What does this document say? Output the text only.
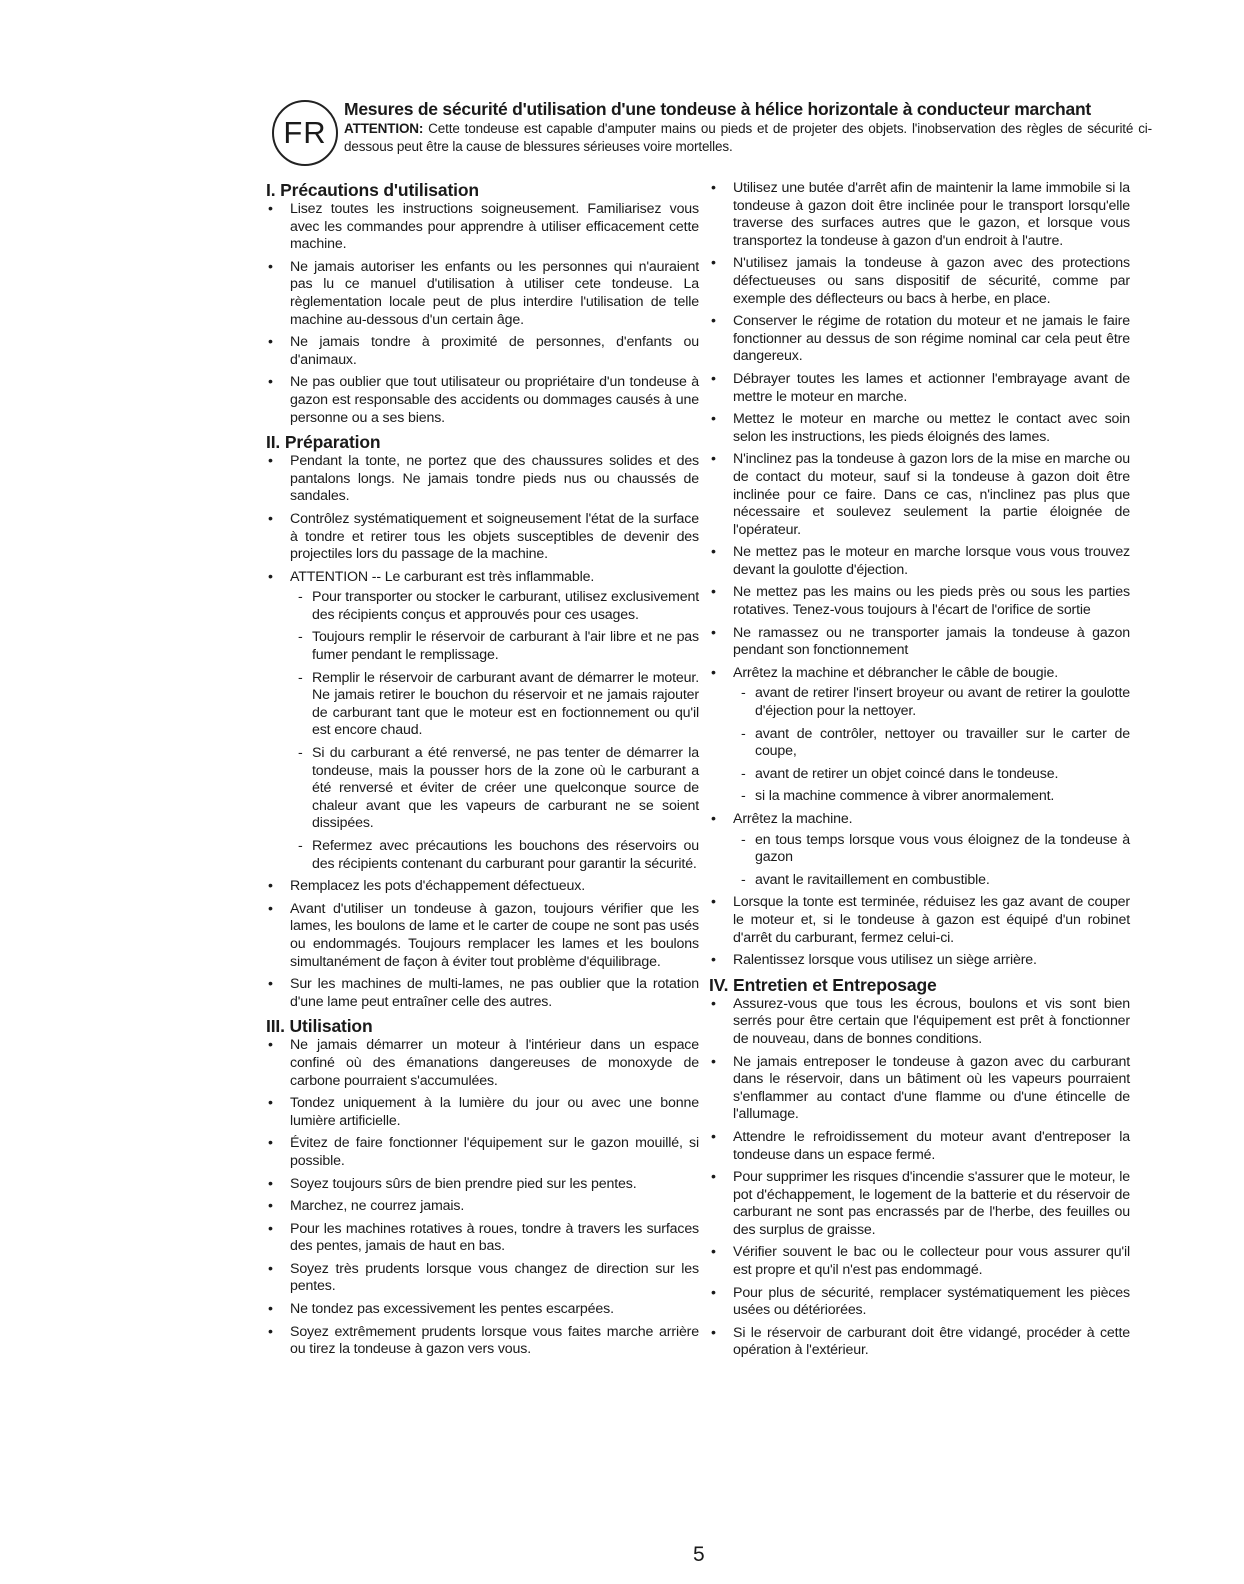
FR
Mesures de sécurité d'utilisation d'une tondeuse à hélice horizontale à conducteur marchant
ATTENTION: Cette tondeuse est capable d'amputer mains ou pieds et de projeter des objets. l'inobservation des règles de sécurité ci-dessous peut être la cause de blessures sérieuses voire mortelles.
I. Précautions d'utilisation
• Lisez toutes les instructions soigneusement. Familiarisez vous avec les commandes pour apprendre à utiliser efficacement cette machine.
• Ne jamais autoriser les enfants ou les personnes qui n'auraient pas lu ce manuel d'utilisation à utiliser cete tondeuse. La règlementation locale peut de plus interdire l'utilisation de telle machine au-dessous d'un certain âge.
• Ne jamais tondre à proximité de personnes, d'enfants ou d'animaux.
• Ne pas oublier que tout utilisateur ou propriétaire d'un tondeuse à gazon est responsable des accidents ou dommages causés à une personne ou a ses biens.
II. Préparation
• Pendant la tonte, ne portez que des chaussures solides et des pantalons longs. Ne jamais tondre pieds nus ou chaussés de sandales.
• Contrôlez systématiquement et soigneusement l'état de la surface à tondre et retirer tous les objets susceptibles de devenir des projectiles lors du passage de la machine.
• ATTENTION -- Le carburant est très inflammable.
- Pour transporter ou stocker le carburant, utilisez exclusivement des récipients conçus et approuvés pour ces usages.
- Toujours remplir le réservoir de carburant à l'air libre et ne pas fumer pendant le remplissage.
- Remplir le réservoir de carburant avant de démarrer le moteur. Ne jamais retirer le bouchon du réservoir et ne jamais rajouter de carburant tant que le moteur est en foctionnement ou qu'il est encore chaud.
- Si du carburant a été renversé, ne pas tenter de démarrer la tondeuse, mais la pousser hors de la zone où le carburant a été renversé et éviter de créer une quelconque source de chaleur avant que les vapeurs de carburant ne se soient dissipées.
- Refermez avec précautions les bouchons des réservoirs ou des récipients contenant du carburant pour garantir la sécurité.
• Remplacez les pots d'échappement défectueux.
• Avant d'utiliser un tondeuse à gazon, toujours vérifier que les lames, les boulons de lame et le carter de coupe ne sont pas usés ou endommagés. Toujours remplacer les lames et les boulons simultanément de façon à éviter tout problème d'équilibrage.
• Sur les machines de multi-lames, ne pas oublier que la rotation d'une lame peut entraîner celle des autres.
III. Utilisation
• Ne jamais démarrer un moteur à l'intérieur dans un espace confiné où des émanations dangereuses de monoxyde de carbone pourraient s'accumulées.
• Tondez uniquement à la lumière du jour ou avec une bonne lumière artificielle.
• Évitez de faire fonctionner l'équipement sur le gazon mouillé, si possible.
• Soyez toujours sûrs de bien prendre pied sur les pentes.
• Marchez, ne courrez jamais.
• Pour les machines rotatives à roues, tondre à travers les surfaces des pentes, jamais de haut en bas.
• Soyez très prudents lorsque vous changez de direction sur les pentes.
• Ne tondez pas excessivement les pentes escarpées.
• Soyez extrêmement prudents lorsque vous faites marche arrière ou tirez la tondeuse à gazon vers vous.
• Utilisez une butée d'arrêt afin de maintenir la lame immobile si la tondeuse à gazon doit être inclinée pour le transport lorsqu'elle traverse des surfaces autres que le gazon, et lorsque vous transportez la tondeuse à gazon d'un endroit à l'autre.
• N'utilisez jamais la tondeuse à gazon avec des protections défectueuses ou sans dispositif de sécurité, comme par exemple des déflecteurs ou bacs à herbe, en place.
• Conserver le régime de rotation du moteur et ne jamais le faire fonctionner au dessus de son régime nominal car cela peut être dangereux.
• Débrayer toutes les lames et actionner l'embrayage avant de mettre le moteur en marche.
• Mettez le moteur en marche ou mettez le contact avec soin selon les instructions, les pieds éloignés des lames.
• N'inclinez pas la tondeuse à gazon lors de la mise en marche ou de contact du moteur, sauf si la tondeuse à gazon doit être inclinée pour ce faire. Dans ce cas, n'inclinez pas plus que nécessaire et soulevez seulement la partie éloignée de l'opérateur.
• Ne mettez pas le moteur en marche lorsque vous vous trouvez devant la goulotte d'éjection.
• Ne mettez pas les mains ou les pieds près ou sous les parties rotatives. Tenez-vous toujours à l'écart de l'orifice de sortie
• Ne ramassez ou ne transporter jamais la tondeuse à gazon pendant son fonctionnement
• Arrêtez la machine et débrancher le câble de bougie.
- avant de retirer l'insert broyeur ou avant de retirer la goulotte d'éjection pour la nettoyer.
- avant de contrôler, nettoyer ou travailler sur le carter de coupe,
- avant de retirer un objet coincé dans le tondeuse.
- si la machine commence à vibrer anormalement.
• Arrêtez la machine.
- en tous temps lorsque vous vous éloignez de la tondeuse à gazon
- avant le ravitaillement en combustible.
• Lorsque la tonte est terminée, réduisez les gaz avant de couper le moteur et, si le tondeuse à gazon est équipé d'un robinet d'arrêt du carburant, fermez celui-ci.
• Ralentissez lorsque vous utilisez un siège arrière.
IV. Entretien et Entreposage
• Assurez-vous que tous les écrous, boulons et vis sont bien serrés pour être certain que l'équipement est prêt à fonctionner de nouveau, dans de bonnes conditions.
• Ne jamais entreposer le tondeuse à gazon avec du carburant dans le réservoir, dans un bâtiment où les vapeurs pourraient s'enflammer au contact d'une flamme ou d'une étincelle de l'allumage.
• Attendre le refroidissement du moteur avant d'entreposer la tondeuse dans un espace fermé.
• Pour supprimer les risques d'incendie s'assurer que le moteur, le pot d'échappement, le logement de la batterie et du réservoir de carburant ne sont pas encrassés par de l'herbe, des feuilles ou des surplus de graisse.
• Vérifier souvent le bac ou le collecteur pour vous assurer qu'il est propre et qu'il n'est pas endommagé.
• Pour plus de sécurité, remplacer systématiquement les pièces usées ou détériorées.
• Si le réservoir de carburant doit être vidangé, procéder à cette opération à l'extérieur.
5
